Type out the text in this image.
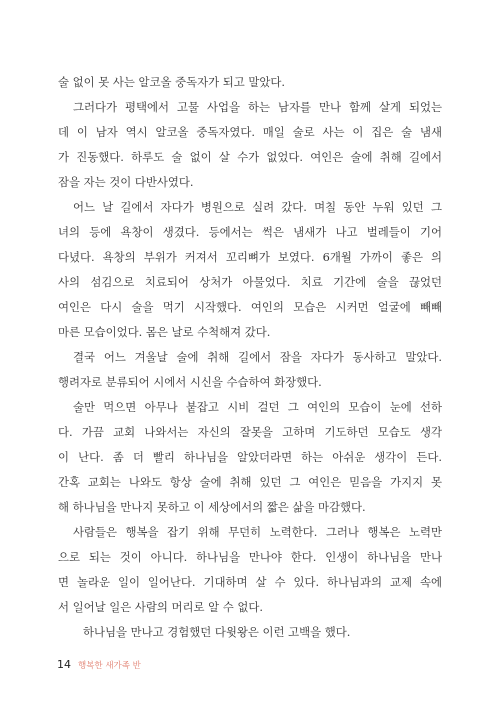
술 없이 못 사는 알코올 중독자가 되고 말았다.
그러다가 평택에서 고물 사업을 하는 남자를 만나 함께 살게 되었는
데 이 남자 역시 알코올 중독자였다. 매일 술로 사는 이 집은 술 냄새
가 진동했다. 하루도 술 없이 살 수가 없었다. 여인은 술에 취해 길에서
잠을 자는 것이 다반사였다.
어느 날 길에서 자다가 병원으로 실려 갔다. 며칠 동안 누워 있던 그
녀의 등에 욕창이 생겼다. 등에서는 썩은 냄새가 나고 벌레들이 기어
다녔다. 욕창의 부위가 커져서 꼬리뼈가 보였다. 6개월 가까이 좋은 의
사의 섬김으로 치료되어 상처가 아물었다. 치료 기간에 술을 끊었던
여인은 다시 술을 먹기 시작했다. 여인의 모습은 시커먼 얼굴에 빼빼
마른 모습이었다. 몸은 날로 수척해져 갔다.
결국 어느 겨울날 술에 취해 길에서 잠을 자다가 동사하고 말았다.
행려자로 분류되어 시에서 시신을 수습하여 화장했다.
술만 먹으면 아무나 붙잡고 시비 걸던 그 여인의 모습이 눈에 선하
다. 가끔 교회 나와서는 자신의 잘못을 고하며 기도하던 모습도 생각
이 난다. 좀 더 빨리 하나님을 알았더라면 하는 아쉬운 생각이 든다.
간혹 교회는 나와도 항상 술에 취해 있던 그 여인은 믿음을 가지지 못
해 하나님을 만나지 못하고 이 세상에서의 짧은 삶을 마감했다.
사람들은 행복을 잡기 위해 무던히 노력한다. 그러나 행복은 노력만
으로 되는 것이 아니다. 하나님을 만나야 한다. 인생이 하나님을 만나
면 놀라운 일이 일어난다. 기대하며 살 수 있다. 하나님과의 교제 속에
서 일어날 일은 사람의 머리로 알 수 없다.
하나님을 만나고 경험했던 다윗왕은 이런 고백을 했다.
14 행복한 새가족 반
